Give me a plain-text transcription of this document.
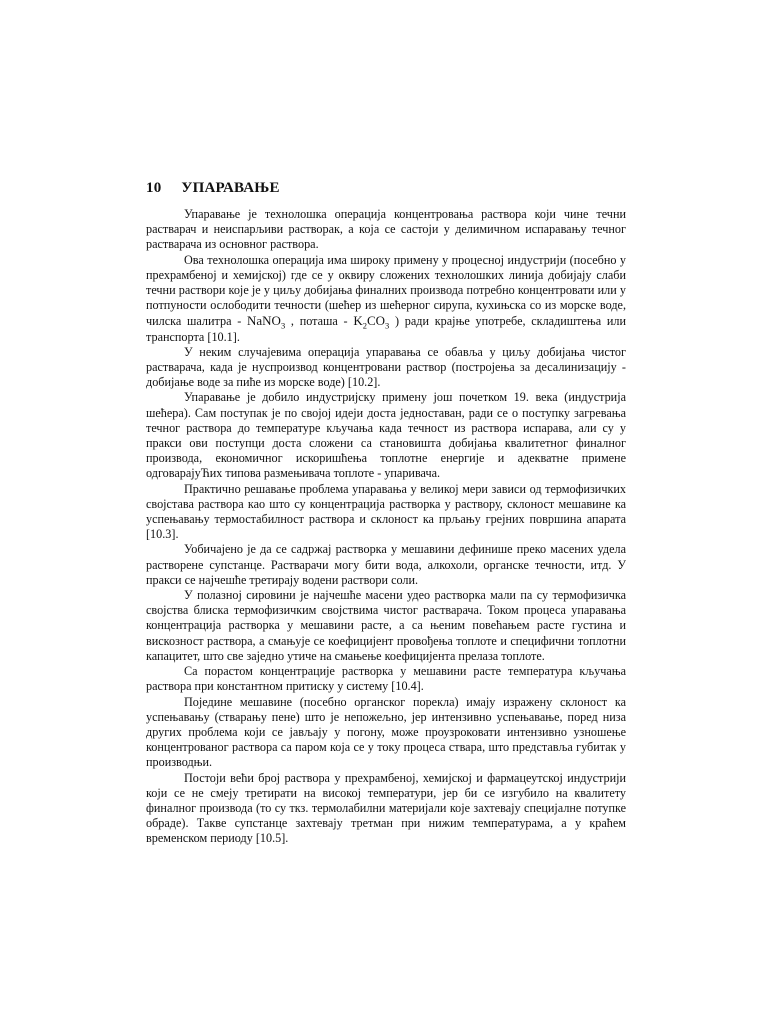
10 УПАРАВАЊЕ

Упаравање је технолошка операција концентровања раствора који чине течни растварач и неиспарљиви растворак, а која се састоји у делимичном испаравању течног растварача из основног раствора.

Ова технолошка операција има широку примену у процесној индустрији (посебно у прехрамбеној и хемијској) где се у оквиру сложених технолошких линија добијају слаби течни раствори које је у циљу добијања финалних производа потребно концентровати или у потпуности ослободити течности (шећер из шећерног сирупа, кухињска со из морске воде, чилска шалитра - NaNO$_3$ , поташа - $K_2CO_3$ ) ради крајње употребе, складиштења или транспорта [10.1].

У неким случајевима операција упаравања се обавља у циљу добијања чистог растварача, када је нуспроизвод концентровани раствор (постројења за десалинизацију - добијање воде за пиће из морске воде) [10.2].

Упаравање је добило индустријску примену још почетком 19. века (индустрија шећера). Сам поступак је по својој идеји доста једноставан, ради се о поступку загревања течног раствора до температуре кључања када течност из раствора испарава, али су у пракси ови поступци доста сложени са становишта добијања квалитетног финалног производа, економичног искоришћења топлотне енергије и адекватне примене одговарајуЋих типова размењивача топлоте - упаривача.

Практично решавање проблема упаравања у великој мери зависи од термофизичких својстава раствора као што су концентрација растворка у раствору, склоност мешавине ка успењавању термостабилност раствора и склоност ка прљању грејних површина апарата [10.3].

Уобичајено је да се садржај растворка у мешавини дефинише преко масених удела растворене супстанце. Растварачи могу бити вода, алкохоли, органске течности, итд. У пракси се најчешће третирају водени раствори соли.

У полазној сировини је најчешће масени удео растворка мали па су термофизичка својства блиска термофизичким својствима чистог растварача. Током процеса упаравања концентрација растворка у мешавини расте, а са њеним повећањем расте густина и вискозност раствора, а смањује се коефицијент провођења топлоте и специфични топлотни капацитет, што све заједно утиче на смањење коефицијента прелаза топлоте.

Са порастом концентрације растворка у мешавини расте температура кључања раствора при константном притиску у систему [10.4].

Поједине мешавине (посебно органског порекла) имају изражену склоност ка успењавању (стварању пене) што је непожељно, јер интензивно успењавање, поред низа других проблема који се јављају у погону, може проузроковати интензивно узношење концентрованог раствора са паром која се у току процеса ствара, што представља губитак у производњи.

Постоји већи број раствора у прехрамбеној, хемијској и фармацеутској индустрији који се не смеју третирати на високој температури, јер би се изгубило на квалитету финалног производа (то су ткз. термолабилни материјали које захтевају специјалне потупке обраде). Такве супстанце захтевају третман при нижим температурама, а у краћем временском периоду [10.5].
